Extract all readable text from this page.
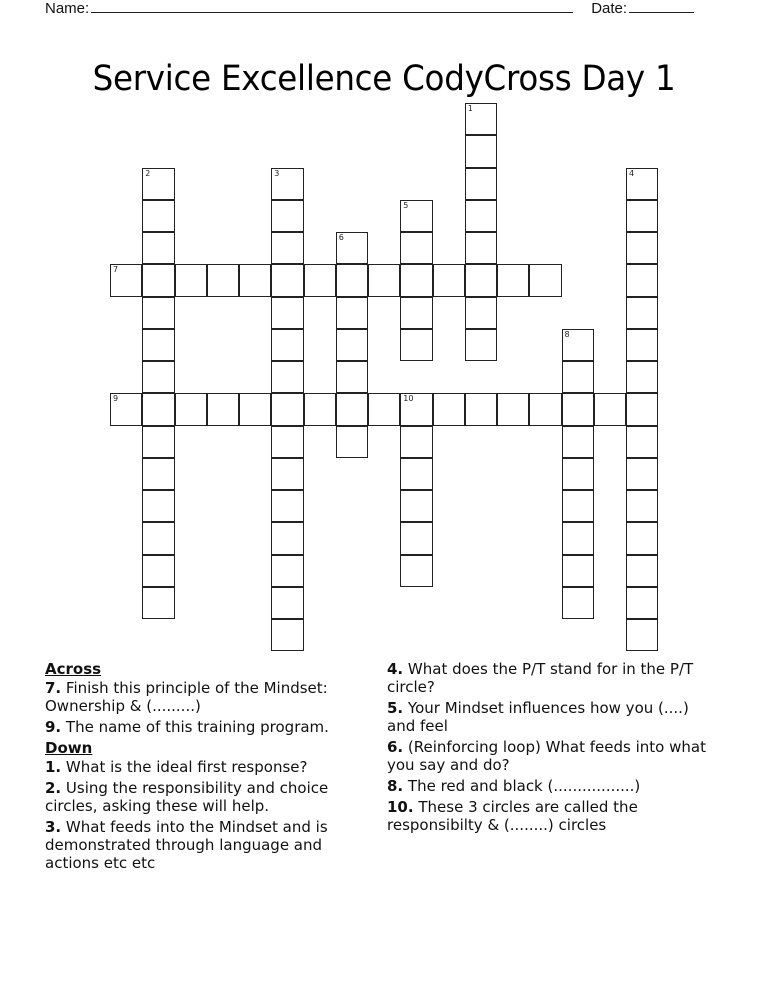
Name:	Date:
Service Excellence CodyCross Day 1
1
2	3	4
5
6
7
8
9	10
Across
7. Finish this principle of the Mindset: Ownership & (.........)
9. The name of this training program.
Down
1. What is the ideal first response?
2. Using the responsibility and choice circles, asking these will help.
3. What feeds into the Mindset and is demonstrated through language and actions etc etc
4. What does the P/T stand for in the P/T circle?
5. Your Mindset influences how you (....) and feel
6. (Reinforcing loop) What feeds into what you say and do?
8. The red and black (.................)
10. These 3 circles are called the responsibilty & (........) circles
